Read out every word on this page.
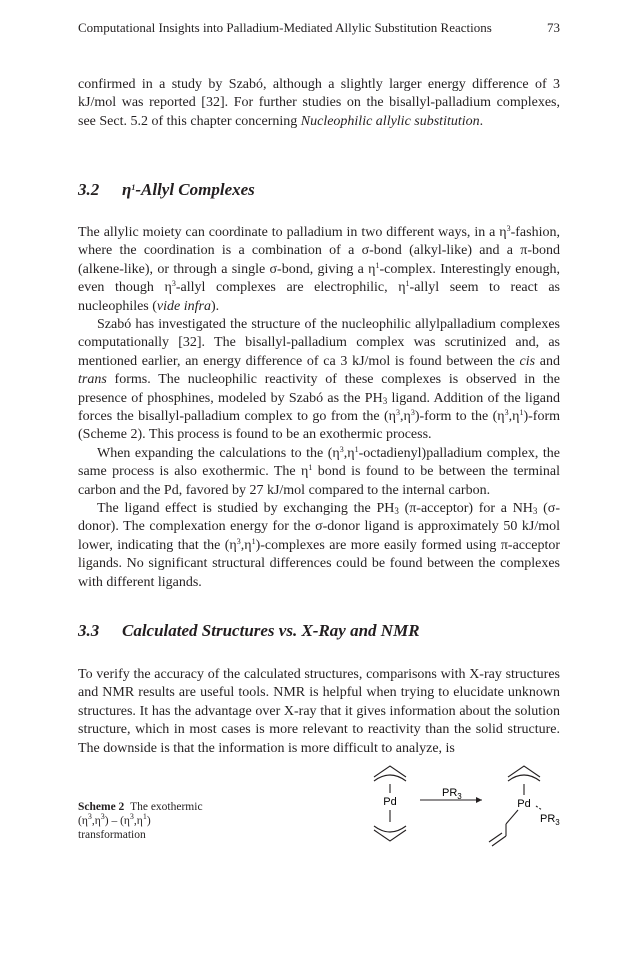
Computational Insights into Palladium-Mediated Allylic Substitution Reactions	73

confirmed in a study by Szabó, although a slightly larger energy difference of 3 kJ/mol was reported [32]. For further studies on the bisallyl-palladium complexes, see Sect. 5.2 of this chapter concerning Nucleophilic allylic substitution.

3.2 $\eta^1$-Allyl Complexes

The allylic moiety can coordinate to palladium in two different ways, in a $\eta^3$-fashion, where the coordination is a combination of a σ-bond (alkyl-like) and a π-bond (alkene-like), or through a single σ-bond, giving a $\eta^1$-complex. Interestingly enough, even though $\eta^3$-allyl complexes are electrophilic, $\eta^1$-allyl seem to react as nucleophiles (vide infra).

Szabó has investigated the structure of the nucleophilic allylpalladium complexes computationally [32]. The bisallyl-palladium complex was scrutinized and, as mentioned earlier, an energy difference of ca 3 kJ/mol is found between the cis and trans forms. The nucleophilic reactivity of these complexes is observed in the presence of phosphines, modeled by Szabó as the $PH_3$ ligand. Addition of the ligand forces the bisallyl-palladium complex to go from the $(\eta^3,\eta^3)$-form to the $(\eta^3,\eta^1)$-form (Scheme 2). This process is found to be an exothermic process.

When expanding the calculations to the $(\eta^3,\eta^1-octadienyl)palladium$ complex, the same process is also exothermic. The $\eta^1$ bond is found to be between the terminal carbon and the Pd, favored by 27 kJ/mol compared to the internal carbon.

The ligand effect is studied by exchanging the $PH_3$ (π-acceptor) for a $NH_3$ (σ-donor). The complexation energy for the σ-donor ligand is approximately 50 kJ/mol lower, indicating that the $(\eta^3,\eta^1)$-complexes are more easily formed using π-acceptor ligands. No significant structural differences could be found between the complexes with different ligands.

3.3 Calculated Structures vs. X-Ray and NMR

To verify the accuracy of the calculated structures, comparisons with X-ray structures and NMR results are useful tools. NMR is helpful when trying to elucidate unknown structures. It has the advantage over X-ray that it gives information about the solution structure, which in most cases is more relevant to reactivity than the solid structure. The downside is that the information is more difficult to analyze, is

Scheme 2 The exothermic
$(\eta^3,\eta^3) - (\eta^3,\eta^1)$
transformation
Pd
$PR_3$
Pd
$PR_3$
